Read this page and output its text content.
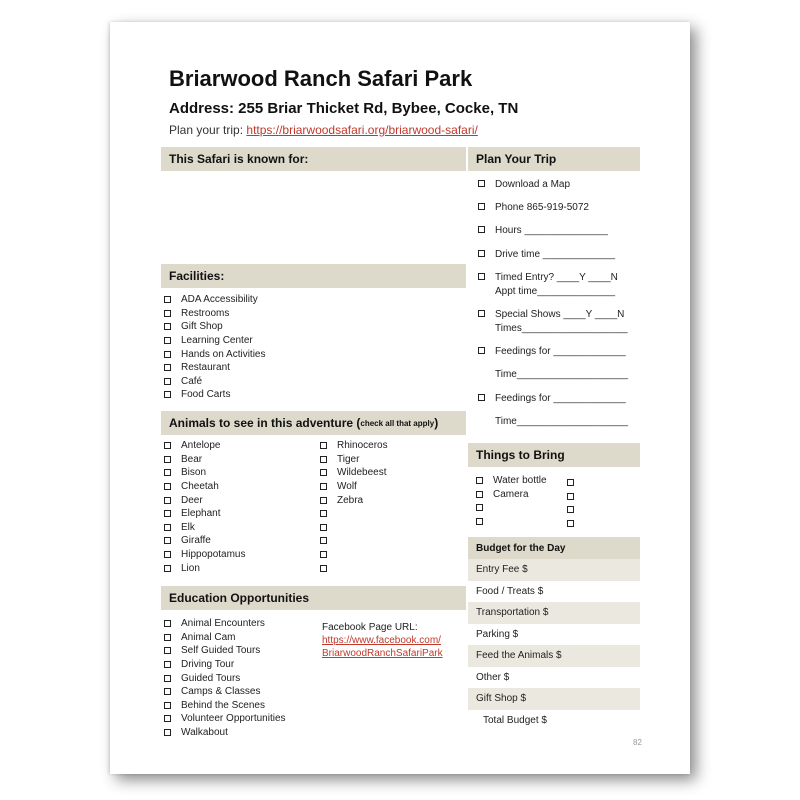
Briarwood Ranch Safari Park
Address: 255 Briar Thicket Rd, Bybee, Cocke, TN
Plan your trip: https://briarwoodsafari.org/briarwood-safari/
This Safari is known for:
Facilities:
Animals to see in this adventure ( check all that apply )
Education Opportunities
Plan Your Trip
Things to Bring
ADA Accessibility
Restrooms
Gift Shop
Learning Center
Hands on Activities
Restaurant
Café
Food Carts
Antelope
Bear
Bison
Cheetah
Deer
Elephant
Elk
Giraffe
Hippopotamus
Lion
Rhinoceros
Tiger
Wildebeest
Wolf
Zebra
Animal Encounters
Animal Cam
Self Guided Tours
Driving Tour
Guided Tours
Camps & Classes
Behind the Scenes
Volunteer Opportunities
Walkabout
Facebook Page URL:
https://www.facebook.com/
BriarwoodRanchSafariPark
Download a Map
Phone 865-919-5072
Hours _______________
Drive time _____________
Timed Entry? ____Y ____N
Appt time______________
Special Shows ____Y ____N
Times___________________
Feedings for _____________
Time____________________
Feedings for _____________
Time____________________
Water bottle
Camera
Budget for the Day
Entry Fee $
Food / Treats $
Transportation $
Parking $
Feed the Animals $
Other $
Gift Shop $
Total Budget $
82
